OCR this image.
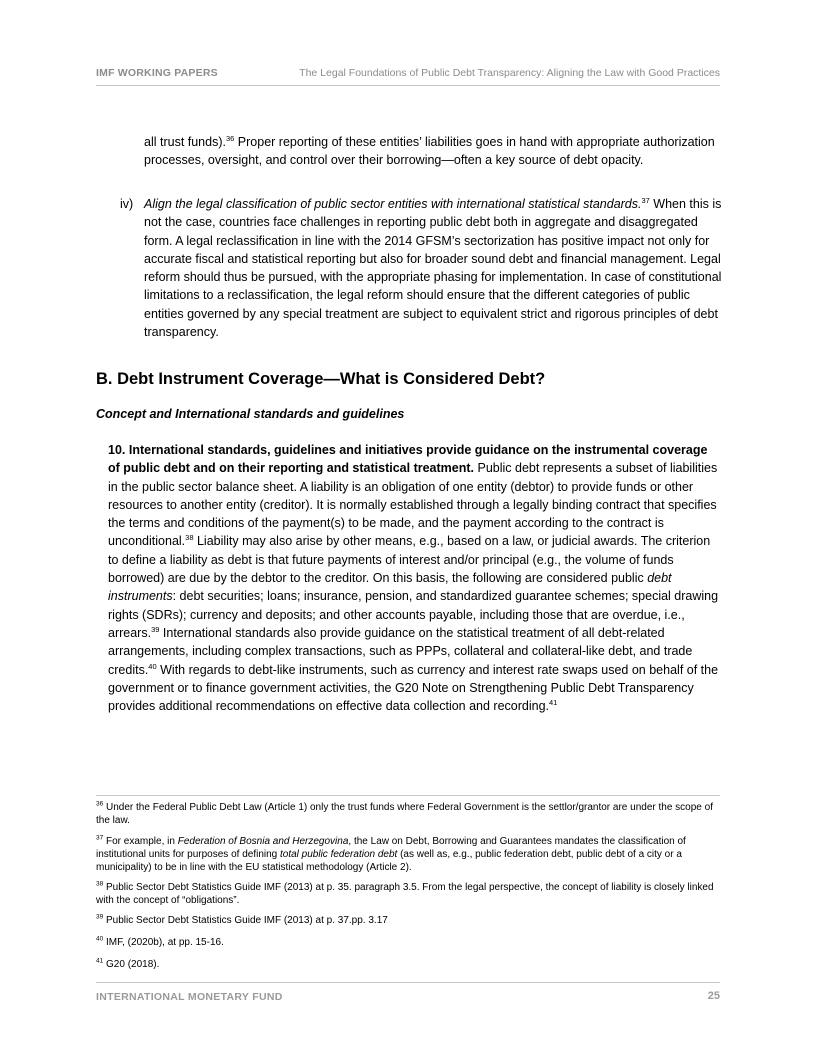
IMF WORKING PAPERS	The Legal Foundations of Public Debt Transparency: Aligning the Law with Good Practices

all trust funds).$^{36}$ Proper reporting of these entities’ liabilities goes in hand with appropriate authorization processes, oversight, and control over their borrowing—often a key source of debt opacity.

iv) Align the legal classification of public sector entities with international statistical standards.$^{37}$ When this is not the case, countries face challenges in reporting public debt both in aggregate and disaggregated form. A legal reclassification in line with the 2014 GFSM’s sectorization has positive impact not only for accurate fiscal and statistical reporting but also for broader sound debt and financial management. Legal reform should thus be pursued, with the appropriate phasing for implementation. In case of constitutional limitations to a reclassification, the legal reform should ensure that the different categories of public entities governed by any special treatment are subject to equivalent strict and rigorous principles of debt transparency.

B. Debt Instrument Coverage—What is Considered Debt?

Concept and International standards and guidelines

10. International standards, guidelines and initiatives provide guidance on the instrumental coverage of public debt and on their reporting and statistical treatment. Public debt represents a subset of liabilities in the public sector balance sheet. A liability is an obligation of one entity (debtor) to provide funds or other resources to another entity (creditor). It is normally established through a legally binding contract that specifies the terms and conditions of the payment(s) to be made, and the payment according to the contract is unconditional.$^{38}$ Liability may also arise by other means, e.g., based on a law, or judicial awards. The criterion to define a liability as debt is that future payments of interest and/or principal (e.g., the volume of funds borrowed) are due by the debtor to the creditor. On this basis, the following are considered public debt instruments: debt securities; loans; insurance, pension, and standardized guarantee schemes; special drawing rights (SDRs); currency and deposits; and other accounts payable, including those that are overdue, i.e., arrears.$^{39}$ International standards also provide guidance on the statistical treatment of all debt-related arrangements, including complex transactions, such as PPPs, collateral and collateral-like debt, and trade credits.$^{40}$ With regards to debt-like instruments, such as currency and interest rate swaps used on behalf of the government or to finance government activities, the G20 Note on Strengthening Public Debt Transparency provides additional recommendations on effective data collection and recording.$^{41}$

$^{36}$ Under the Federal Public Debt Law (Article 1) only the trust funds where Federal Government is the settlor/grantor are under the scope of the law.

$^{37}$ For example, in Federation of Bosnia and Herzegovina, the Law on Debt, Borrowing and Guarantees mandates the classification of institutional units for purposes of defining total public federation debt (as well as, e.g., public federation debt, public debt of a city or a municipality) to be in line with the EU statistical methodology (Article 2).

$^{38}$ Public Sector Debt Statistics Guide IMF (2013) at p. 35. paragraph 3.5. From the legal perspective, the concept of liability is closely linked with the concept of “obligations”.

$^{39}$ Public Sector Debt Statistics Guide IMF (2013) at p. 37.pp. 3.17

$^{40}$ IMF, (2020b), at pp. 15-16.

$^{41}$ G20 (2018).

INTERNATIONAL MONETARY FUND	25
